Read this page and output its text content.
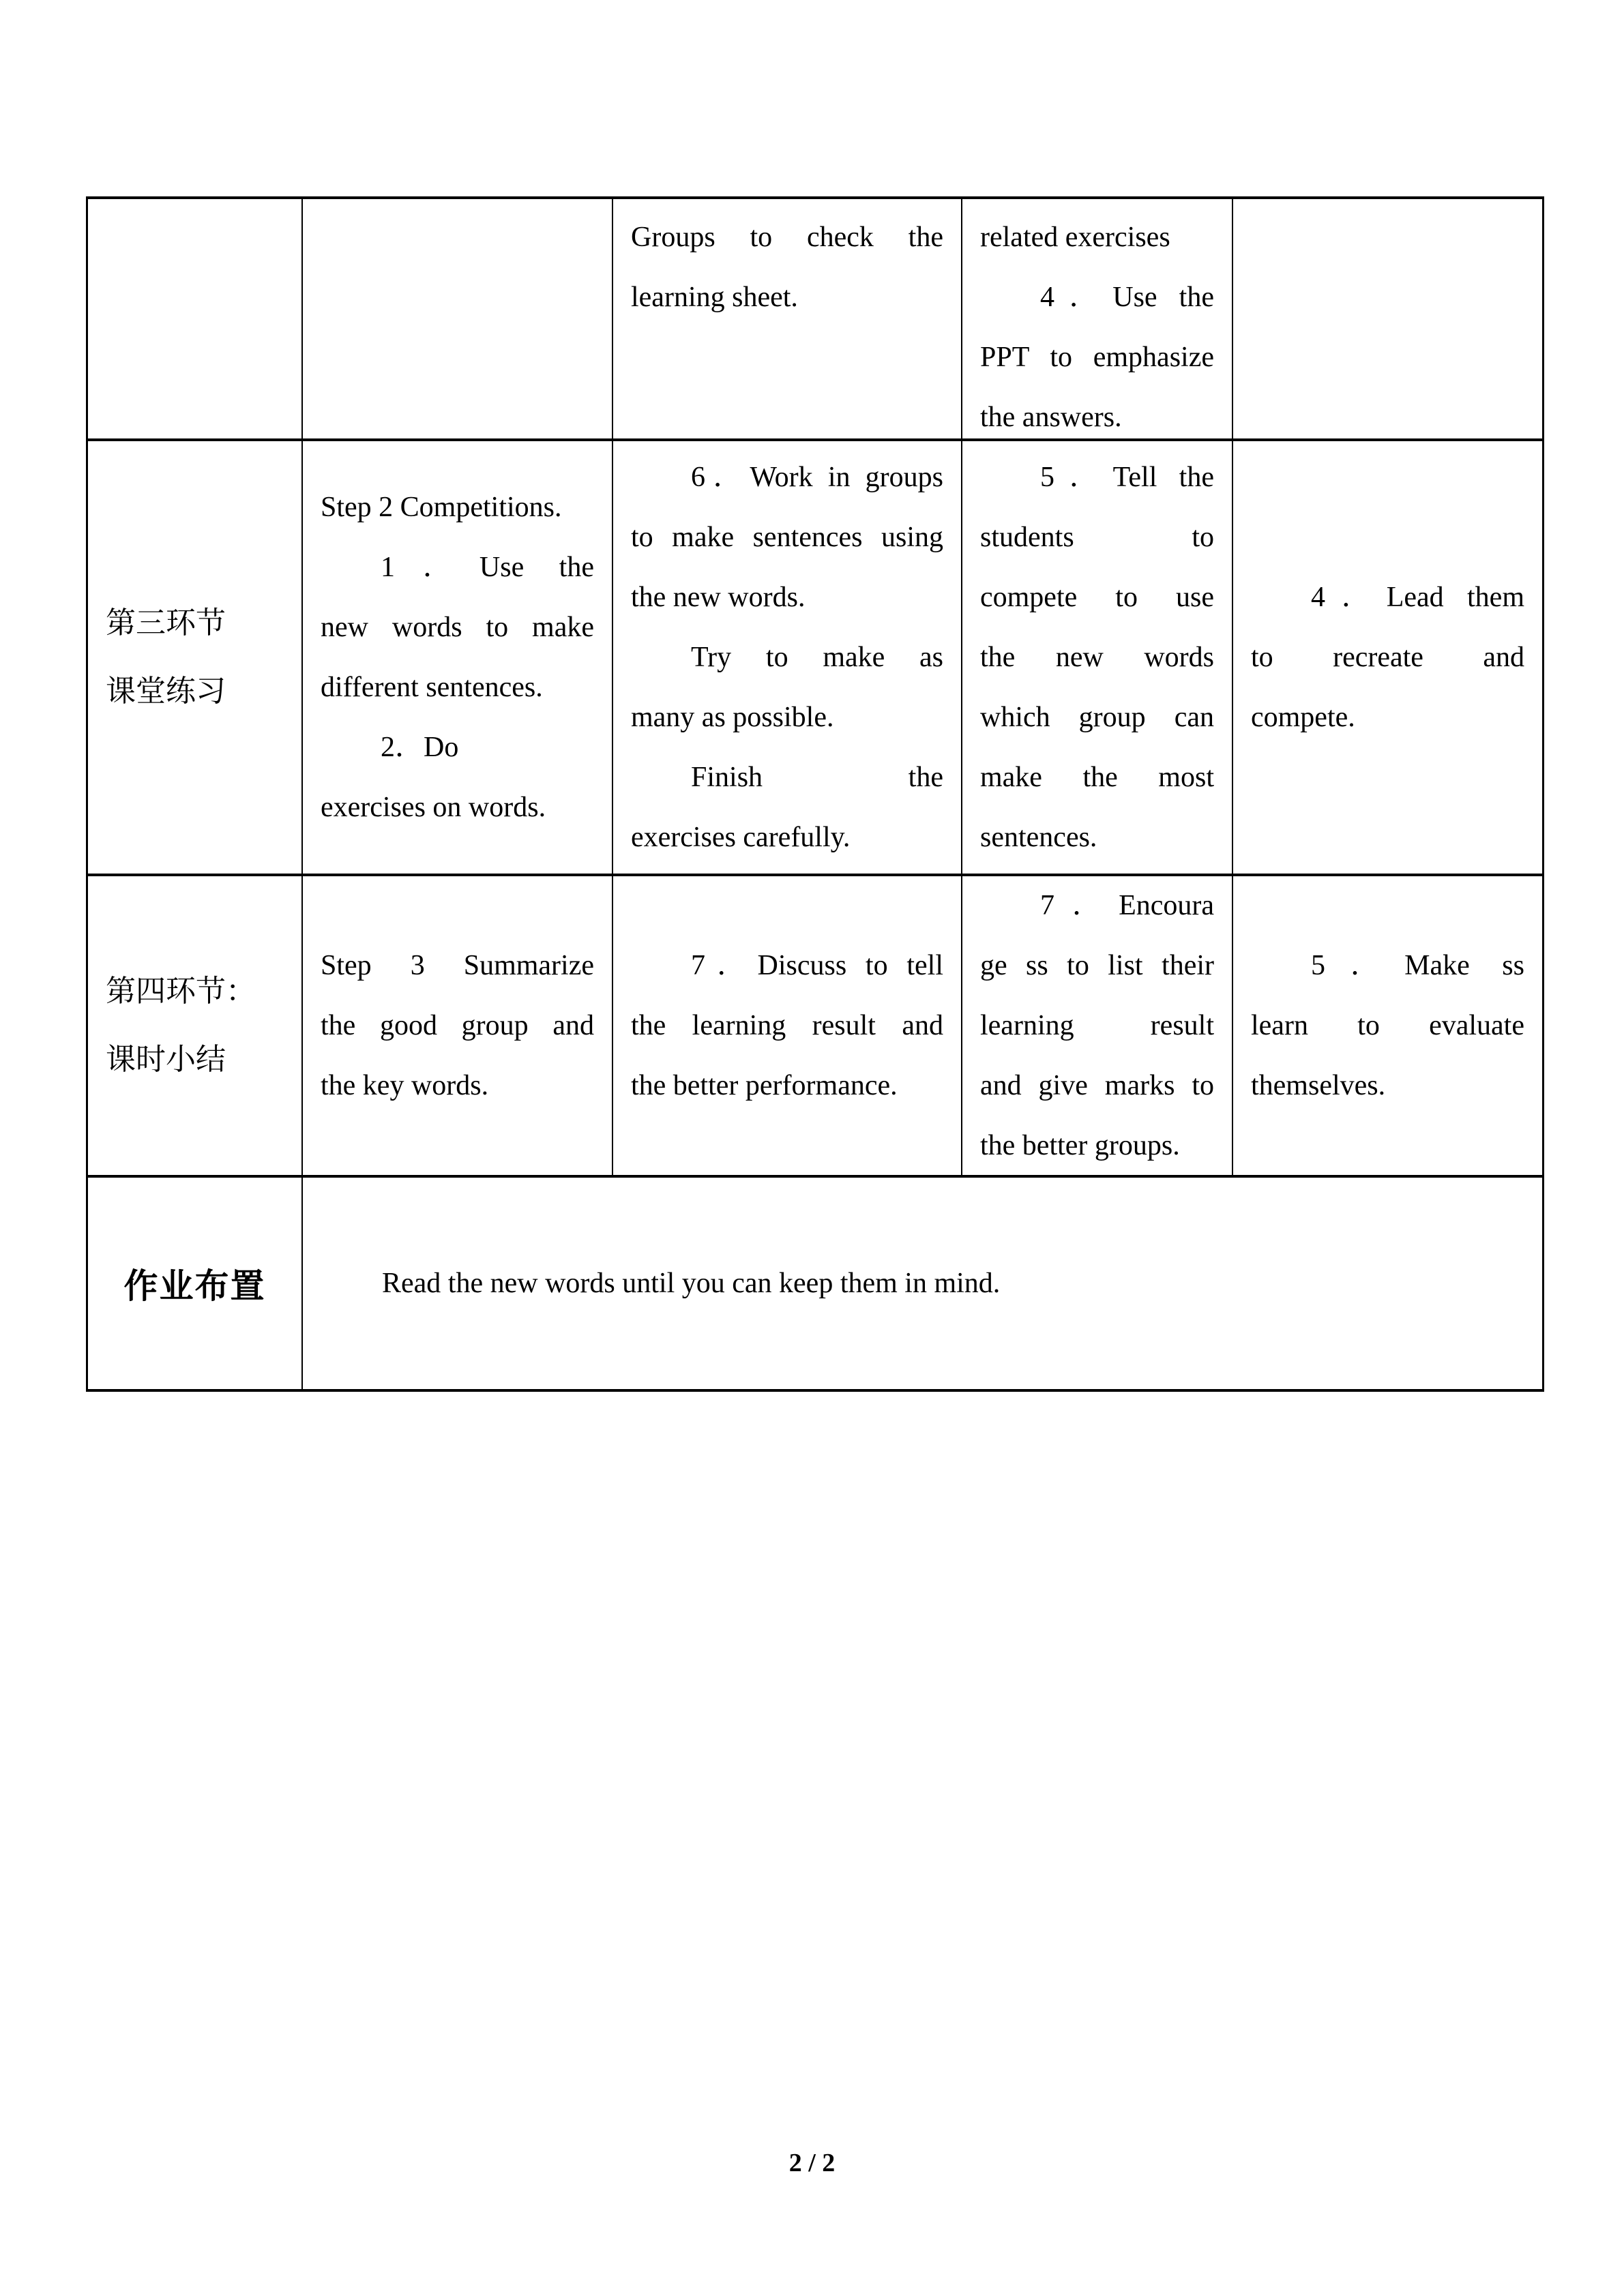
Groups to check the
learning sheet.
related exercises
4．Use the
PPT to emphasize
the answers.
第三环节
课堂练习
Step 2 Competitions.
1．Use the
new words to make
different sentences.
2．Do
exercises on words.
6．Work in groups
to make sentences using
the new words.
Try to make as
many as possible.
Finish the
exercises carefully.
5．Tell the
students to
compete to use
the new words
which group can
make the most
sentences.
4．Lead them
to recreate and
compete.
第四环节：
课时小结
Step 3 Summarize
the good group and
the key words.
7．Discuss to tell
the learning result and
the better performance.
7．Encoura
ge ss to list their
learning result
and give marks to
the better groups.
5．Make ss
learn to evaluate
themselves.
作业布置	Read the new words until you can keep them in mind.
2 / 2
